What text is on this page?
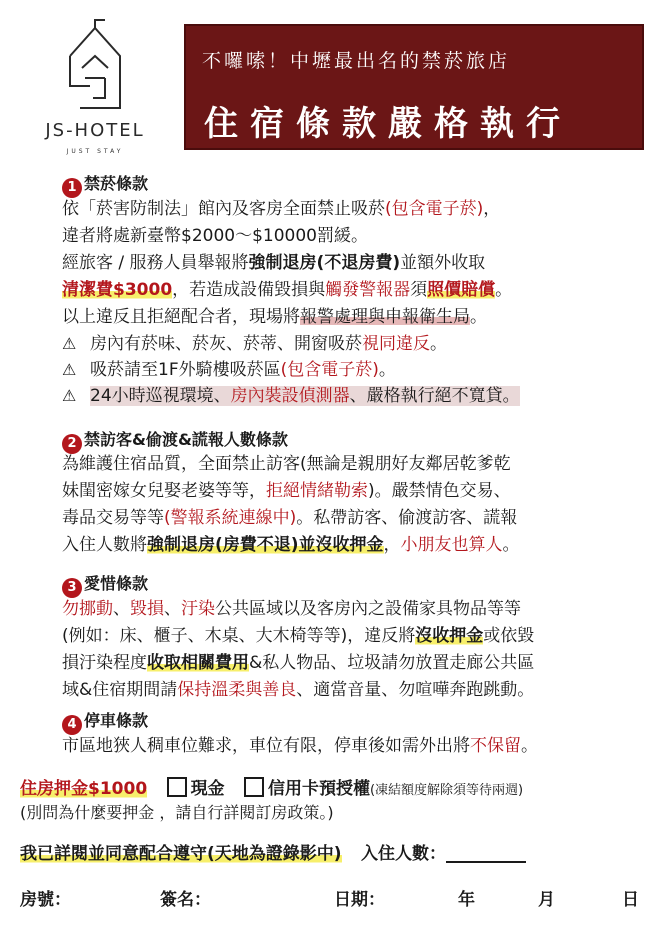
JS-HOTEL
JUST STAY
不囉嗦！中壢最出名的禁菸旅店
住宿條款嚴格執行
1 禁菸條款
依「菸害防制法」館內及客房全面禁止吸菸(包含電子菸)，
違者將處新臺幣$2000～$10000罰緩。
經旅客 / 服務人員舉報將強制退房(不退房費)並額外收取
清潔費$3000，若造成設備毀損與觸發警報器須照價賠償。
以上違反且拒絕配合者，現場將報警處理與申報衛生局。
⚠ 房內有菸味、菸灰、菸蒂、開窗吸菸視同違反。
⚠ 吸菸請至1F外騎樓吸菸區(包含電子菸)。
⚠ 24小時巡視環境、房內裝設偵測器、嚴格執行絕不寬貸。
2 禁訪客&偷渡&謊報人數條款
為維護住宿品質，全面禁止訪客(無論是親朋好友鄰居乾爹乾
妹閨密嫁女兒娶老婆等等，拒絕情緒勒索)。嚴禁情色交易、
毒品交易等等(警報系統連線中)。私帶訪客、偷渡訪客、謊報
入住人數將強制退房(房費不退)並沒收押金，小朋友也算人。
3 愛惜條款
勿挪動、毀損、汙染公共區域以及客房內之設備家具物品等等
(例如：床、櫃子、木桌、大木椅等等)，違反將沒收押金或依毀
損汙染程度收取相關費用&私人物品、垃圾請勿放置走廊公共區
域&住宿期間請保持溫柔與善良、適當音量、勿喧嘩奔跑跳動。
4 停車條款
市區地狹人稠車位難求，車位有限，停車後如需外出將不保留。
住房押金$1000	現金	信用卡預授權(凍結額度解除須等待兩週)
(別問為什麼要押金 ，請自行詳閱訂房政策。)
我已詳閱並同意配合遵守(天地為證錄影中) 入住人數：
房號：	簽名：	日期：	年	月	日
